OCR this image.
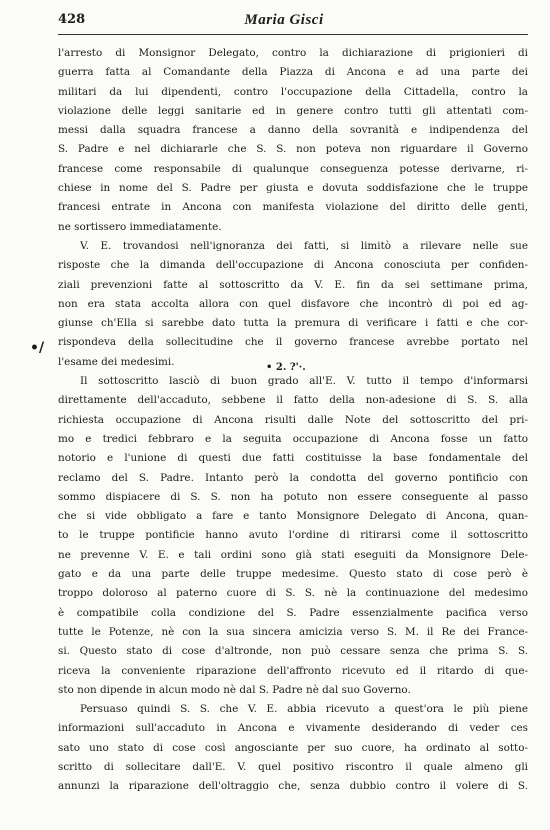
428	Maria Gisci
•/
• 2. ?'·.
l'arresto di Monsignor Delegato, contro la dichiarazione di prigionieri di
guerra fatta al Comandante della Piazza di Ancona e ad una parte dei
militari da lui dipendenti, contro l'occupazione della Cittadella, contro la
violazione delle leggi sanitarie ed in genere contro tutti gli attentati com-
messi dalla squadra francese a danno della sovranità e indipendenza del
S. Padre e nel dichiararle che S. S. non poteva non riguardare il Governo
francese come responsabile di qualunque conseguenza potesse derivarne, ri-
chiese in nome del S. Padre per giusta e dovuta soddisfazione che le truppe
francesi entrate in Ancona con manifesta violazione del diritto delle genti,
ne sortissero immediatamente.
V. E. trovandosi nell'ignoranza dei fatti, si limitò a rilevare nelle sue
risposte che la dimanda dell'occupazione di Ancona conosciuta per confiden-
ziali prevenzioni fatte al sottoscritto da V. E. fin da sei settimane prima,
non era stata accolta allora con quel disfavore che incontrò di poi ed ag-
giunse ch'Ella si sarebbe dato tutta la premura di verificare i fatti e che cor-
rispondeva della sollecitudine che il governo francese avrebbe portato nel
l'esame dei medesimi.
Il sottoscritto lasciò di buon grado all'E. V. tutto il tempo d'informarsi
direttamente dell'accaduto, sebbene il fatto della non-adesione di S. S. alla
richiesta occupazione di Ancona risulti dalle Note del sottoscritto del pri-
mo e tredici febbraro e la seguita occupazione di Ancona fosse un fatto
notorio e l'unione di questi due fatti costituisse la base fondamentale del
reclamo del S. Padre. Intanto però la condotta del governo pontificio con
sommo dispiacere di S. S. non ha potuto non essere conseguente al passo
che si vide obbligato a fare e tanto Monsignore Delegato di Ancona, quan-
to le truppe pontificie hanno avuto l'ordine di ritirarsi come il sottoscritto
ne prevenne V. E. e tali ordini sono già stati eseguiti da Monsignore Dele-
gato e da una parte delle truppe medesime. Questo stato di cose però è
troppo doloroso al paterno cuore di S. S. nè la continuazione del medesimo
è compatibile colla condizione del S. Padre essenzialmente pacifica verso
tutte le Potenze, nè con la sua sincera amicizia verso S. M. il Re dei France-
si. Questo stato di cose d'altronde, non può cessare senza che prima S. S.
riceva la conveniente riparazione dell'affronto ricevuto ed il ritardo di que-
sto non dipende in alcun modo nè dal S. Padre nè dal suo Governo.
Persuaso quindi S. S. che V. E. abbia ricevuto a quest'ora le più piene
informazioni sull'accaduto in Ancona e vivamente desiderando di veder ces
sato uno stato di cose così angosciante per suo cuore, ha ordinato al sotto-
scritto di sollecitare dall'E. V. quel positivo riscontro il quale almeno gli
annunzi la riparazione dell'oltraggio che, senza dubbio contro il volere di S.
